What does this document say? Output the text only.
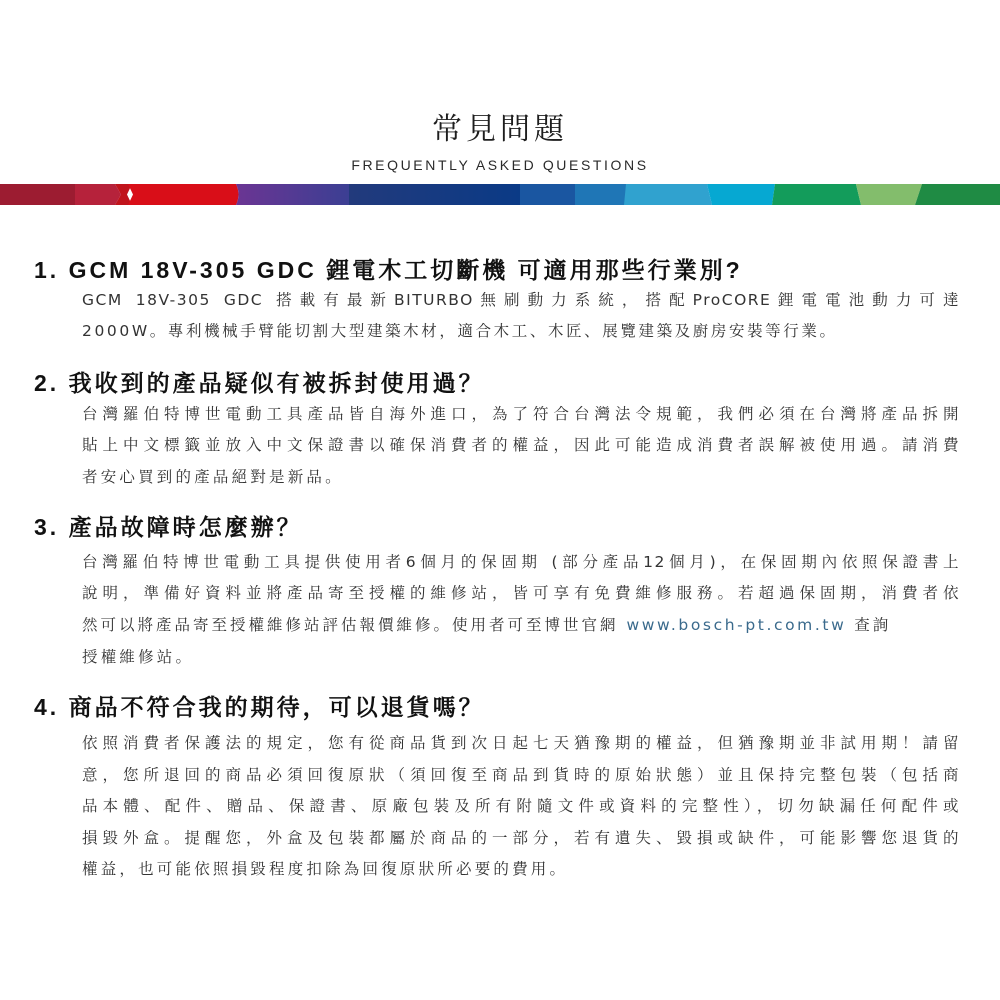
常見問題
FREQUENTLY ASKED QUESTIONS
1. GCM 18V-305 GDC 鋰電木工切斷機 可適用那些行業別?
GCM 18V-305 GDC 搭載有最新BITURBO無刷動力系統，搭配ProCORE鋰電電池動力可達
2000W。專利機械手臂能切割大型建築木材，適合木工、木匠、展覽建築及廚房安裝等行業。
2. 我收到的產品疑似有被拆封使用過？
台灣羅伯特博世電動工具產品皆自海外進口，為了符合台灣法令規範，我們必須在台灣將產品拆開
貼上中文標籤並放入中文保證書以確保消費者的權益，因此可能造成消費者誤解被使用過。請消費
者安心買到的產品絕對是新品。
3. 產品故障時怎麼辦？
台灣羅伯特博世電動工具提供使用者6個月的保固期 (部分產品12個月)，在保固期內依照保證書上
說明，準備好資料並將產品寄至授權的維修站，皆可享有免費維修服務。若超過保固期，消費者依
然可以將產品寄至授權維修站評估報價維修。使用者可至博世官網 www.bosch-pt.com.tw 查詢
授權維修站。
4. 商品不符合我的期待，可以退貨嗎？
依照消費者保護法的規定，您有從商品貨到次日起七天猶豫期的權益，但猶豫期並非試用期！請留
意，您所退回的商品必須回復原狀（須回復至商品到貨時的原始狀態）並且保持完整包裝（包括商
品本體、配件、贈品、保證書、原廠包裝及所有附隨文件或資料的完整性），切勿缺漏任何配件或
損毀外盒。提醒您，外盒及包裝都屬於商品的一部分，若有遺失、毀損或缺件，可能影響您退貨的
權益，也可能依照損毀程度扣除為回復原狀所必要的費用。
